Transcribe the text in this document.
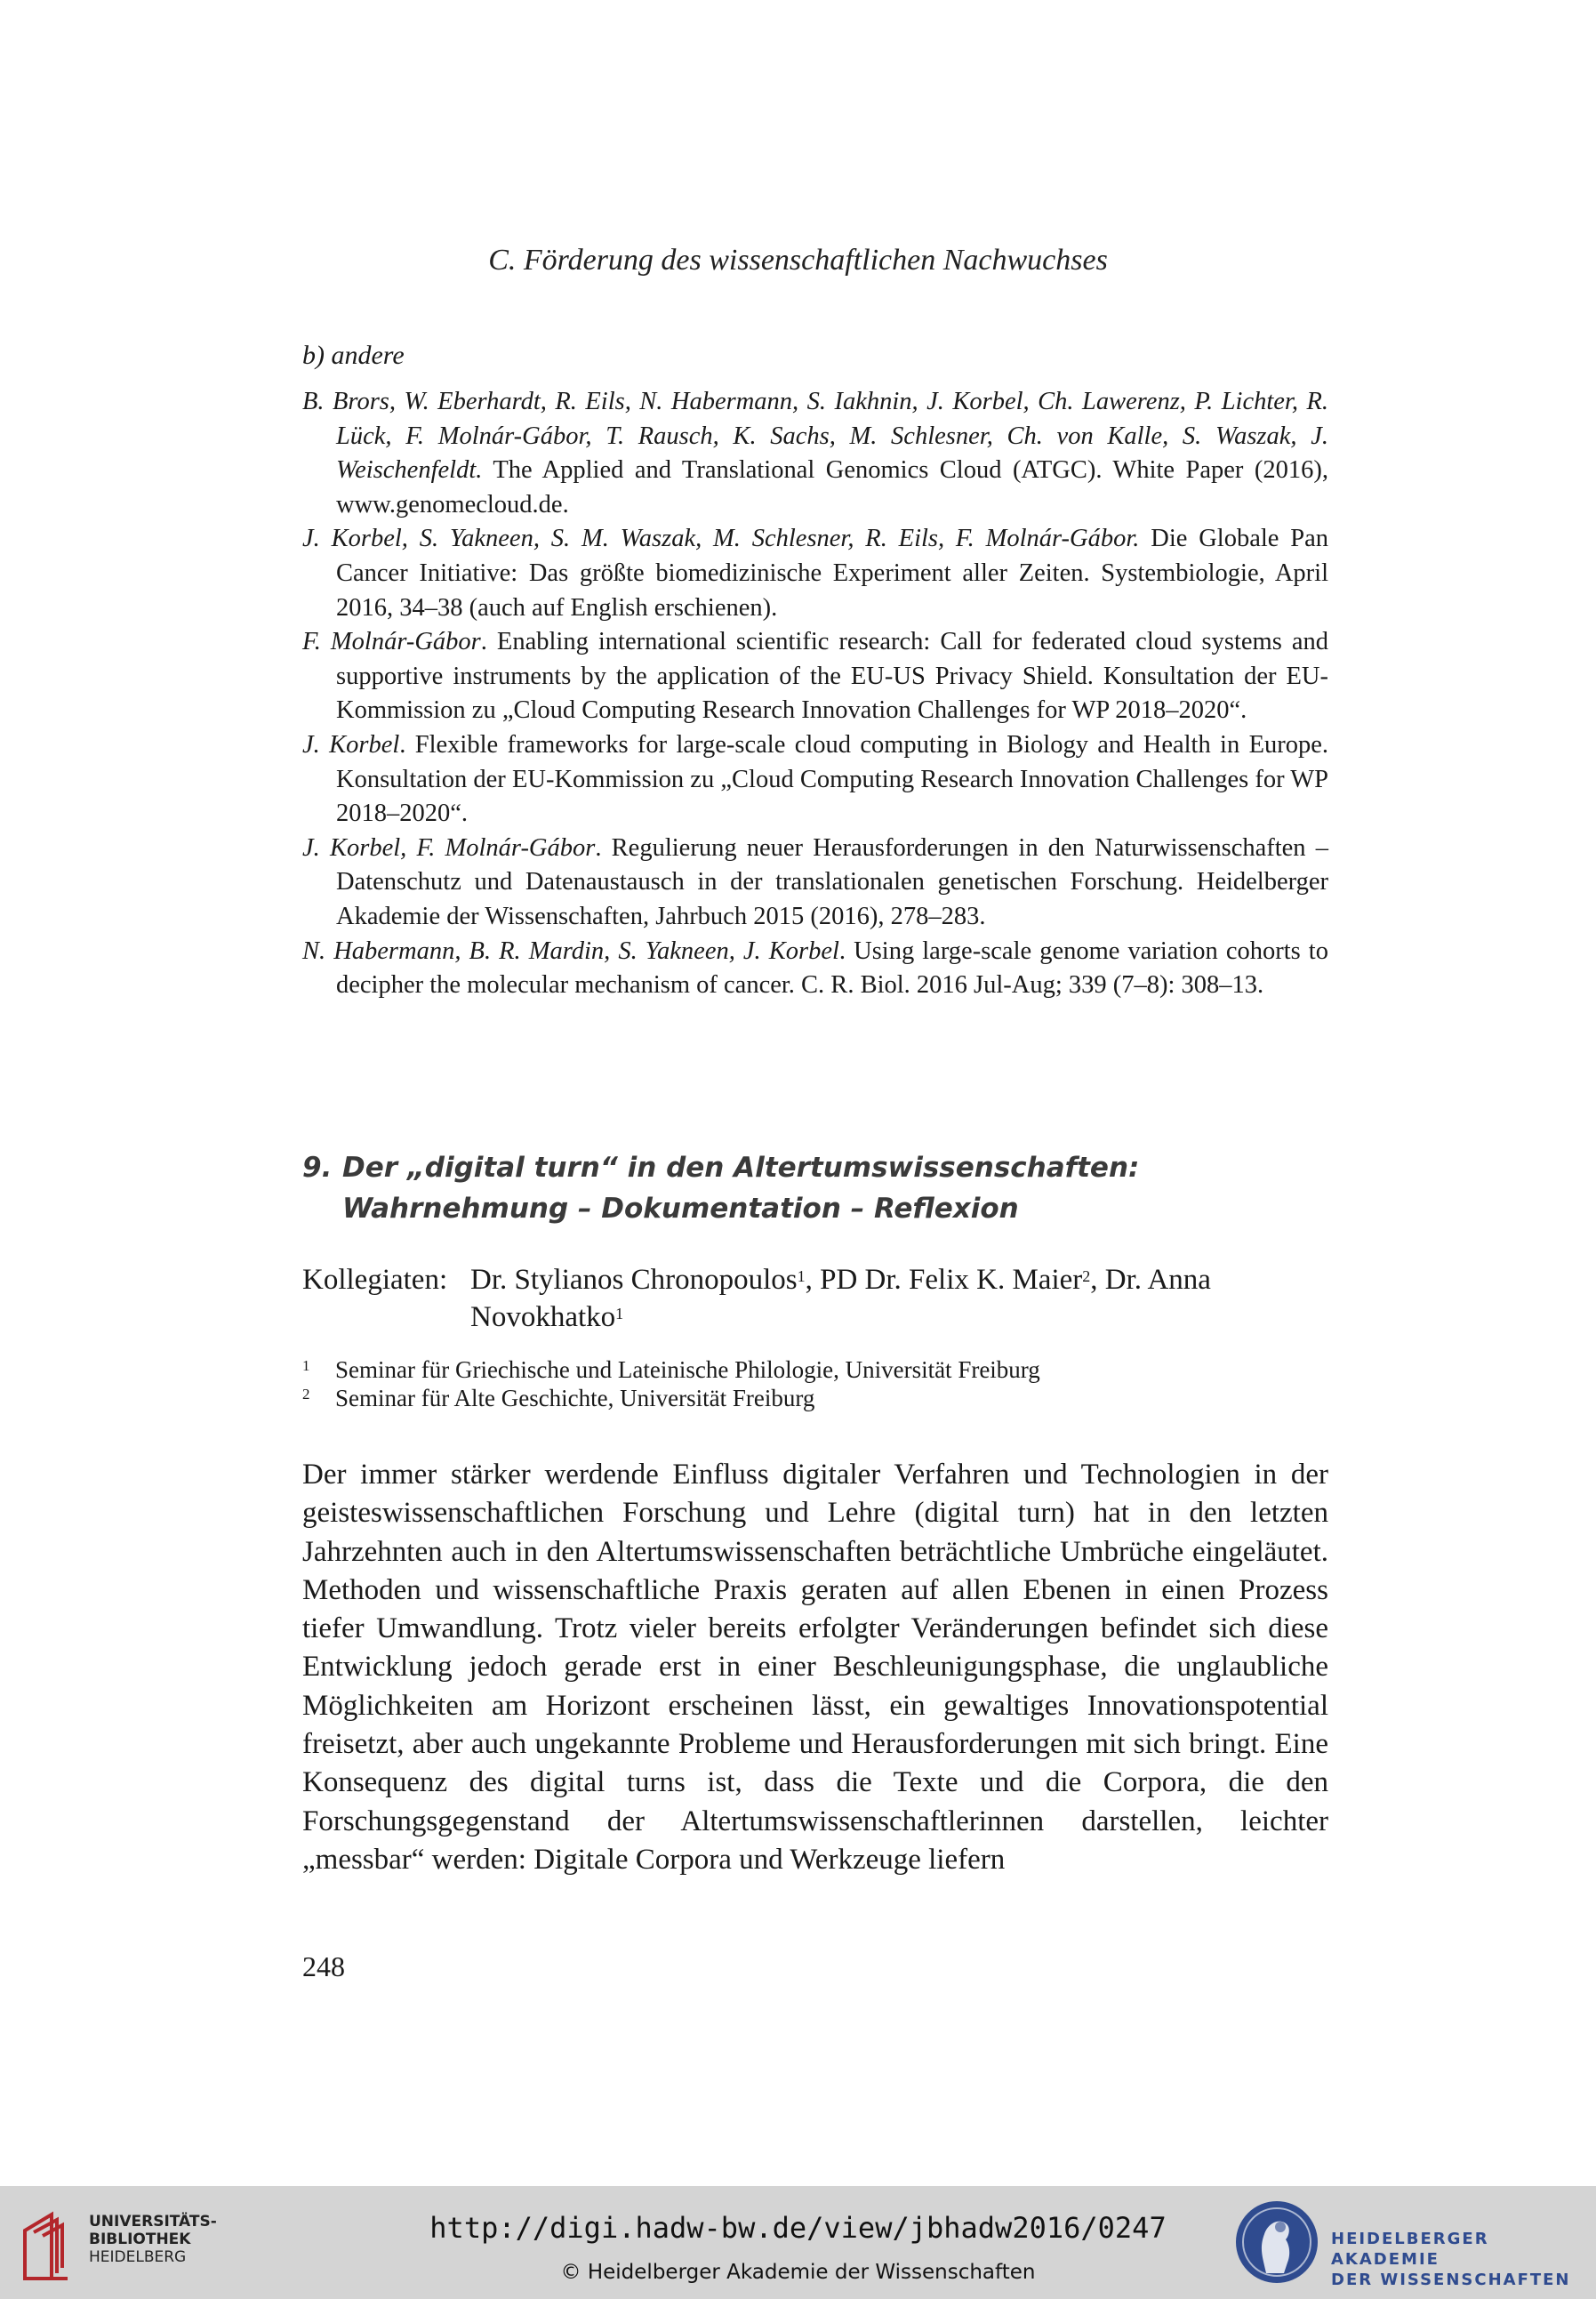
C. Förderung des wissenschaftlichen Nachwuchses
b) andere

B. Brors, W. Eberhardt, R. Eils, N. Habermann, S. Iakhnin, J. Korbel, Ch. Lawerenz, P. Lichter, R. Lück, F. Molnár-Gábor, T. Rausch, K. Sachs, M. Schlesner, Ch. von Kalle, S. Waszak, J. Weischenfeldt. The Applied and Translational Genomics Cloud (ATGC). White Paper (2016), www.genomecloud.de.

J. Korbel, S. Yakneen, S. M. Waszak, M. Schlesner, R. Eils, F. Molnár-Gábor. Die Globale Pan Cancer Initiative: Das größte biomedizinische Experiment aller Zeiten. Systembiologie, April 2016, 34–38 (auch auf English erschienen).

F. Molnár-Gábor. Enabling international scientific research: Call for federated cloud systems and supportive instruments by the application of the EU-US Privacy Shield. Konsultation der EU-Kommission zu „Cloud Computing Research Innovation Challenges for WP 2018–2020“.

J. Korbel. Flexible frameworks for large-scale cloud computing in Biology and Health in Europe. Konsultation der EU-Kommission zu „Cloud Computing Research Innovation Challenges for WP 2018–2020“.

J. Korbel, F. Molnár-Gábor. Regulierung neuer Herausforderungen in den Naturwissenschaften – Datenschutz und Datenaustausch in der translationalen genetischen Forschung. Heidelberger Akademie der Wissenschaften, Jahrbuch 2015 (2016), 278–283.

N. Habermann, B. R. Mardin, S. Yakneen, J. Korbel. Using large-scale genome variation cohorts to decipher the molecular mechanism of cancer. C. R. Biol. 2016 Jul-Aug; 339 (7–8): 308–13.

9. Der „digital turn“ in den Altertumswissenschaften:
Wahrnehmung – Dokumentation – Reflexion
Kollegiaten: Dr. Stylianos Chronopoulos$^1$, PD Dr. Felix K. Maier$^2$, Dr. Anna Novokhatko$^1$
1	Seminar für Griechische und Lateinische Philologie, Universität Freiburg
2	Seminar für Alte Geschichte, Universität Freiburg

Der immer stärker werdende Einfluss digitaler Verfahren und Technologien in der geisteswissenschaftlichen Forschung und Lehre (digital turn) hat in den letzten Jahrzehnten auch in den Altertumswissenschaften beträchtliche Umbrüche eingeläutet. Methoden und wissenschaftliche Praxis geraten auf allen Ebenen in einen Prozess tiefer Umwandlung. Trotz vieler bereits erfolgter Veränderungen befindet sich diese Entwicklung jedoch gerade erst in einer Beschleunigungsphase, die unglaubliche Möglichkeiten am Horizont erscheinen lässt, ein gewaltiges Innovationspotential freisetzt, aber auch ungekannte Probleme und Herausforderungen mit sich bringt. Eine Konsequenz des digital turns ist, dass die Texte und die Corpora, die den Forschungsgegenstand der Altertumswissenschaftlerinnen darstellen, leichter „messbar“ werden: Digitale Corpora und Werkzeuge liefern

248
UNIVERSITÄTS-
BIBLIOTHEK
HEIDELBERG
http://digi.hadw-bw.de/view/jbhadw2016/0247
© Heidelberger Akademie der Wissenschaften
HEIDELBERGER AKADEMIE
DER WISSENSCHAFTEN
